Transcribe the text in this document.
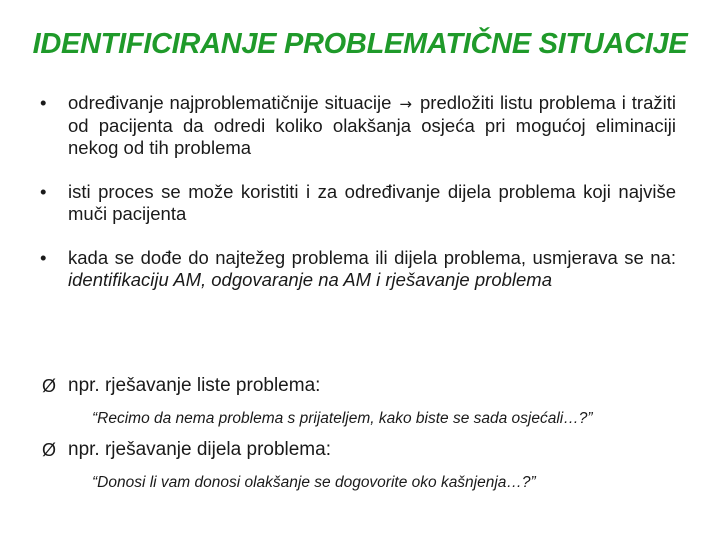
IDENTIFICIRANJE PROBLEMATIČNE SITUACIJE
• određivanje najproblematičnije situacije → predložiti listu problema i tražiti od pacijenta da odredi koliko olakšanja osjeća pri mogućoj eliminaciji nekog od tih problema
• isti proces se može koristiti i za određivanje dijela problema koji najviše muči pacijenta
• kada se dođe do najtežeg problema ili dijela problema, usmjerava se na: identifikaciju AM, odgovaranje na AM i rješavanje problema
Ø npr. rješavanje liste problema:
“Recimo da nema problema s prijateljem, kako biste se sada osjećali…?”
Ø npr. rješavanje dijela problema:
“Donosi li vam donosi olakšanje se dogovorite oko kašnjenja…?”
